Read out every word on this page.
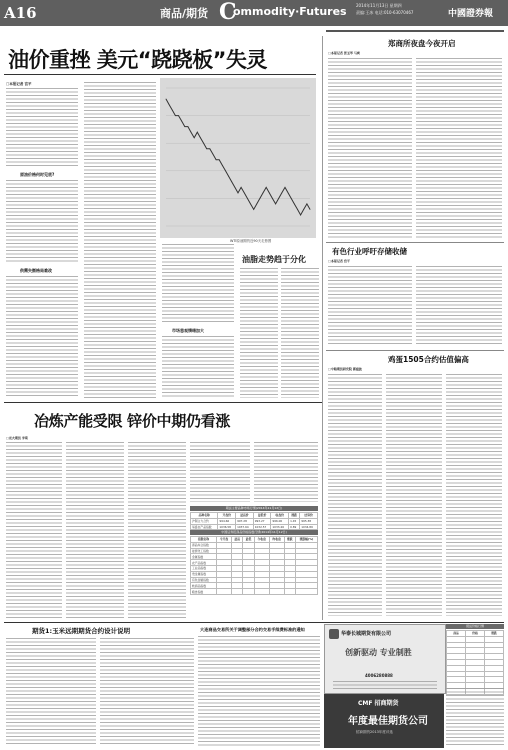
A16	商品/期货 C
ommodity·Futures 2014年11月13日 星期四
责编:王冰 电话:010-63070467	中國證券報
油价重挫 美元“跷跷板”失灵
□本报记者 官平
原油价格何时见底?
供需失衡格局难改
WTI原油期货近90天走势图
市场悲观情绪加大
油脂走势趋于分化
郑商所夜盘今夜开启
□本报记者 张玉琴 马爽
有色行业呼吁存储收储
□本报记者 官平
鸡蛋1505合约估值偏高
□中粮期货研究院 郭庭波
冶炼产能受限 锌价中期仍看涨
□光大期货 李琰
期货主要品种市场行情(2014年11月12日)
品种名称	开盘价	最高价	最低价	收盘价	涨跌	结算价
沪铜主力合约	994.66	997.28	993.27	996.00	1.45	995.38
易盛农产品指数	1036.58	1037.64	1032.57	1033.46	0.89	1034.89
中国证券报商品价格指数行情(2014年11月12日)
指数名称	今开盘	最高	最低	今收盘	昨收盘	涨跌	涨跌幅(%)
商品综合指数							
能源化工指数							
金属指数							
农产品指数							
工业品指数							
贵金属指数							
有色金属指数							
软商品指数							
粮食指数							
期货1:玉米远期期货合约设计说明	大连商品交易所关于调整部分合约交易手续费标准的通知
华泰长城期货有限公司
创新驱动 专业制胜
4006280888
CMF 招商期货
年度最佳期货公司
招商期货2013年度评选
现货价格行情
商品	价格	涨跌
